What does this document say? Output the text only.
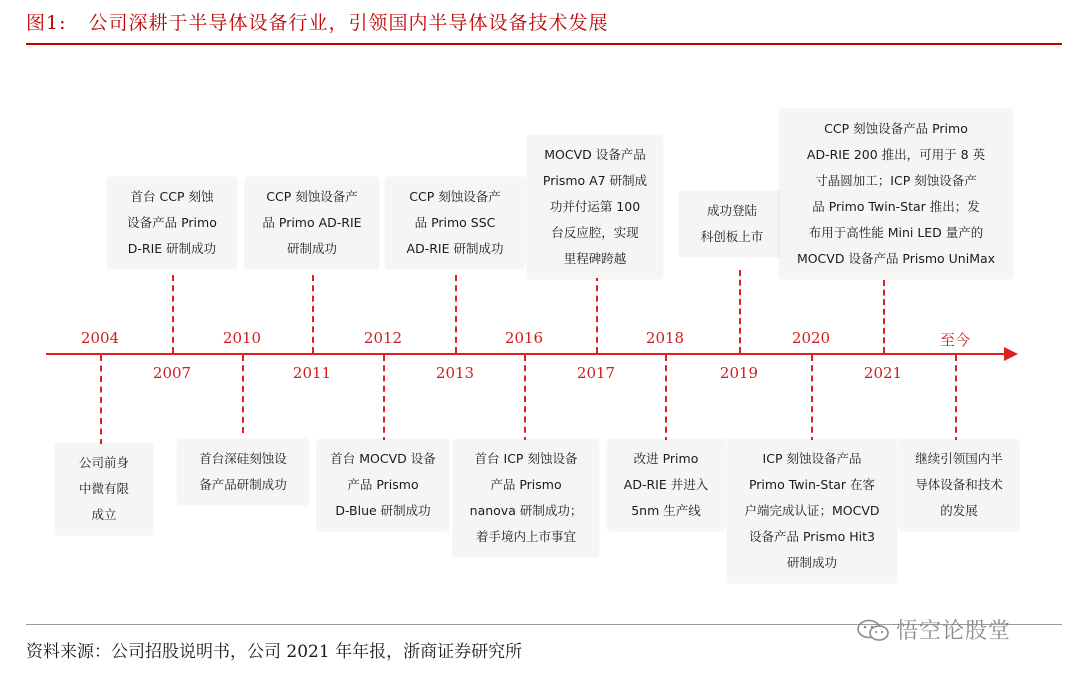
图1: 公司深耕于半导体设备行业，引领国内半导体设备技术发展
2004	2010	2012	2016	2018	2020	至今
2007	2011	2013	2017	2019	2021
首台 CCP 刻蚀
设备产品 Primo
D-RIE 研制成功
CCP 刻蚀设备产
品 Primo AD-RIE
研制成功
CCP 刻蚀设备产
品 Primo SSC
AD-RIE 研制成功
MOCVD 设备产品
Prismo A7 研制成
功并付运第 100
台反应腔，实现
里程碑跨越
成功登陆
科创板上市
CCP 刻蚀设备产品 Primo
AD-RIE 200 推出，可用于 8 英
寸晶圆加工；ICP 刻蚀设备产
品 Primo Twin-Star 推出；发
布用于高性能 Mini LED 量产的
MOCVD 设备产品 Prismo UniMax
公司前身
中微有限
成立
首台深硅刻蚀设
备产品研制成功
首台 MOCVD 设备
产品 Prismo
D-Blue 研制成功
首台 ICP 刻蚀设备
产品 Prismo
nanova 研制成功；
着手境内上市事宜
改进 Primo
AD-RIE 并进入
5nm 生产线
ICP 刻蚀设备产品
Primo Twin-Star 在客
户端完成认证；MOCVD
设备产品 Prismo Hit3
研制成功
继续引领国内半
导体设备和技术
的发展
资料来源：公司招股说明书，公司 2021 年年报，浙商证券研究所
悟空论股堂
